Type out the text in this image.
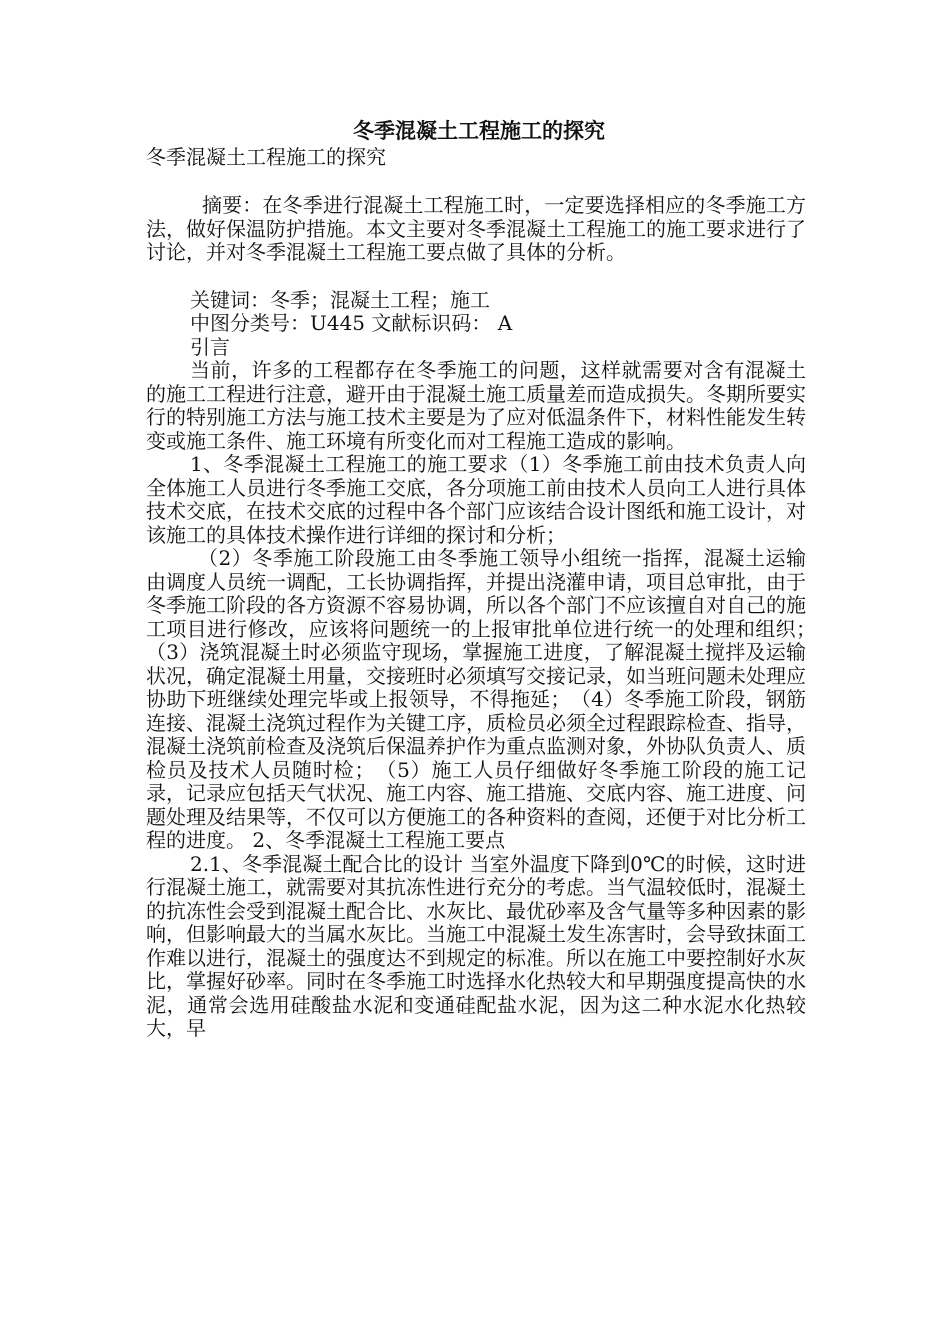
冬季混凝土工程施工的探究

冬季混凝土工程施工的探究

摘要：在冬季进行混凝土工程施工时，一定要选择相应的冬季施工方法，做好保温防护措施。本文主要对冬季混凝土工程施工的施工要求进行了讨论，并对冬季混凝土工程施工要点做了具体的分析。

关键词：冬季；混凝土工程；施工

中图分类号：U445 文献标识码： A

引言

当前，许多的工程都存在冬季施工的问题，这样就需要对含有混凝土的施工工程进行注意，避开由于混凝土施工质量差而造成损失。冬期所要实行的特别施工方法与施工技术主要是为了应对低温条件下，材料性能发生转变或施工条件、施工环境有所变化而对工程施工造成的影响。

1、冬季混凝土工程施工的施工要求（1）冬季施工前由技术负责人向全体施工人员进行冬季施工交底，各分项施工前由技术人员向工人进行具体技术交底，在技术交底的过程中各个部门应该结合设计图纸和施工设计，对该施工的具体技术操作进行详细的探讨和分析；

（2）冬季施工阶段施工由冬季施工领导小组统一指挥，混凝土运输由调度人员统一调配，工长协调指挥，并提出浇灌申请，项目总审批，由于冬季施工阶段的各方资源不容易协调，所以各个部门不应该擅自对自己的施工项目进行修改，应该将问题统一的上报审批单位进行统一的处理和组织；　（3）浇筑混凝土时必须监守现场，掌握施工进度，了解混凝土搅拌及运输状况，确定混凝土用量，交接班时必须填写交接记录，如当班问题未处理应协助下班继续处理完毕或上报领导，不得拖延；　（4）冬季施工阶段，钢筋连接、混凝土浇筑过程作为关键工序，质检员必须全过程跟踪检查、指导，混凝土浇筑前检查及浇筑后保温养护作为重点监测对象，外协队负责人、质检员及技术人员随时检；　（5）施工人员仔细做好冬季施工阶段的施工记录，记录应包括天气状况、施工内容、施工措施、交底内容、施工进度、问题处理及结果等，不仅可以方便施工的各种资料的查阅，还便于对比分析工程的进度。 2、冬季混凝土工程施工要点

2.1、冬季混凝土配合比的设计 当室外温度下降到0℃的时候，这时进行混凝土施工，就需要对其抗冻性进行充分的考虑。当气温较低时，混凝土的抗冻性会受到混凝土配合比、水灰比、最优砂率及含气量等多种因素的影响，但影响最大的当属水灰比。当施工中混凝土发生冻害时，会导致抹面工作难以进行，混凝土的强度达不到规定的标准。所以在施工中要控制好水灰比，掌握好砂率。同时在冬季施工时选择水化热较大和早期强度提高快的水泥，通常会选用硅酸盐水泥和变通硅配盐水泥，因为这二种水泥水化热较大，早
